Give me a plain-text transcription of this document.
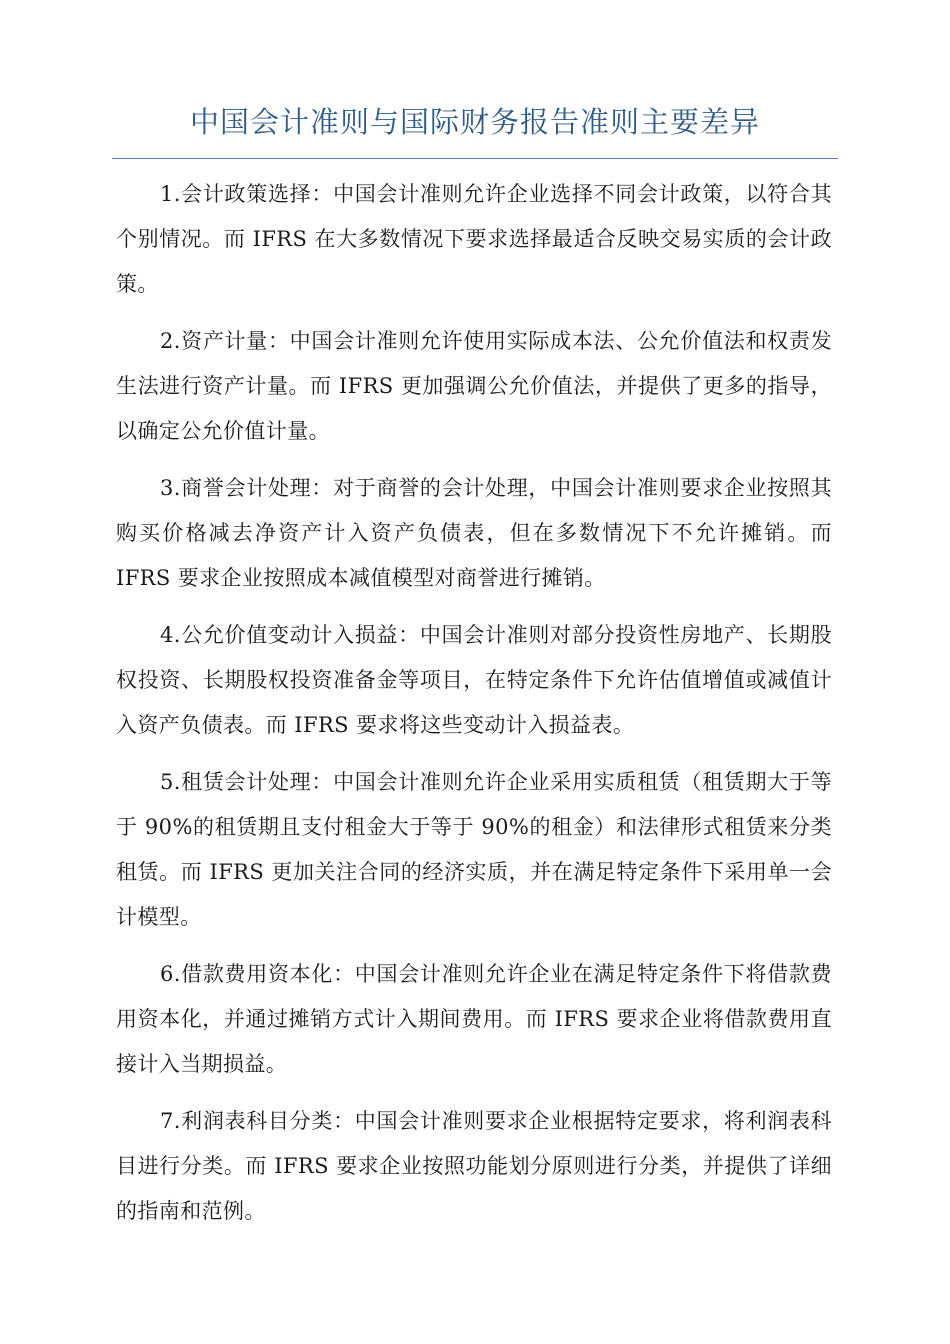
中国会计准则与国际财务报告准则主要差异

1.会计政策选择：中国会计准则允许企业选择不同会计政策，以符合其个别情况。而 IFRS 在大多数情况下要求选择最适合反映交易实质的会计政策。

2.资产计量：中国会计准则允许使用实际成本法、公允价值法和权责发生法进行资产计量。而 IFRS 更加强调公允价值法，并提供了更多的指导，以确定公允价值计量。

3.商誉会计处理：对于商誉的会计处理，中国会计准则要求企业按照其购买价格减去净资产计入资产负债表，但在多数情况下不允许摊销。而 IFRS 要求企业按照成本减值模型对商誉进行摊销。

4.公允价值变动计入损益：中国会计准则对部分投资性房地产、长期股权投资、长期股权投资准备金等项目，在特定条件下允许估值增值或减值计入资产负债表。而 IFRS 要求将这些变动计入损益表。

5.租赁会计处理：中国会计准则允许企业采用实质租赁（租赁期大于等于 90%的租赁期且支付租金大于等于 90%的租金）和法律形式租赁来分类租赁。而 IFRS 更加关注合同的经济实质，并在满足特定条件下采用单一会计模型。

6.借款费用资本化：中国会计准则允许企业在满足特定条件下将借款费用资本化，并通过摊销方式计入期间费用。而 IFRS 要求企业将借款费用直接计入当期损益。

7.利润表科目分类：中国会计准则要求企业根据特定要求，将利润表科目进行分类。而 IFRS 要求企业按照功能划分原则进行分类，并提供了详细的指南和范例。
